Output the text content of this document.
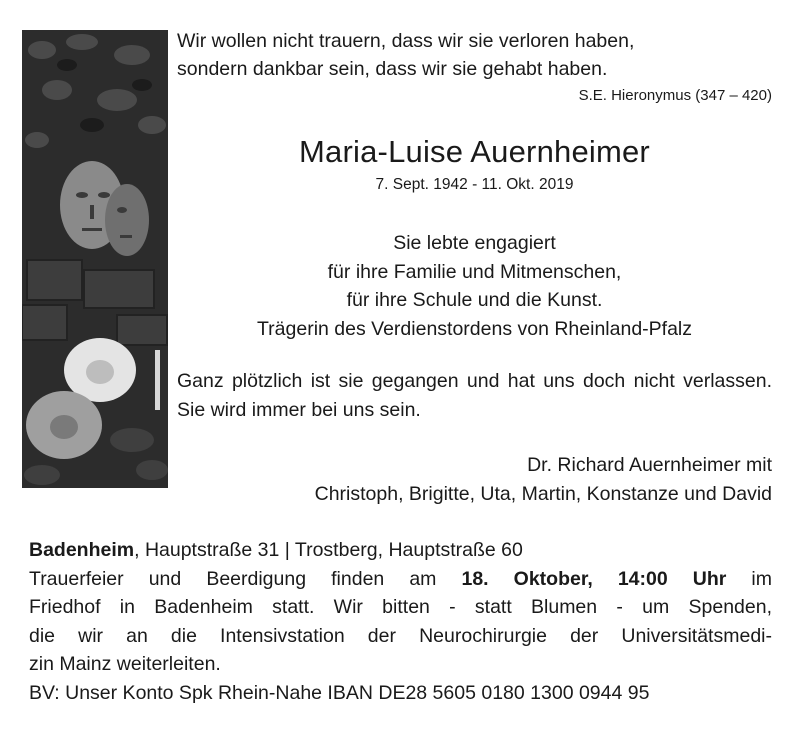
Wir wollen nicht trauern, dass wir sie verloren haben,
sondern dankbar sein, dass wir sie gehabt haben.
S.E. Hieronymus (347 – 420)
Maria-Luise Auernheimer
7. Sept. 1942 - 11. Okt. 2019
Sie lebte engagiert
für ihre Familie und Mitmenschen,
für ihre Schule und die Kunst.
Trägerin des Verdienstordens von Rheinland-Pfalz
Ganz plötzlich ist sie gegangen und hat uns doch nicht verlassen. Sie wird immer bei uns sein.
Dr. Richard Auernheimer mit
Christoph, Brigitte, Uta, Martin, Konstanze und David
Badenheim, Hauptstraße 31 | Trostberg, Hauptstraße 60
Trauerfeier und Beerdigung finden am 18. Oktober, 14:00 Uhr im
Friedhof in Badenheim statt. Wir bitten - statt Blumen - um Spenden,
die wir an die Intensivstation der Neurochirurgie der Universitätsmedi-
zin Mainz weiterleiten.
BV: Unser Konto Spk Rhein-Nahe IBAN DE28 5605 0180 1300 0944 95
